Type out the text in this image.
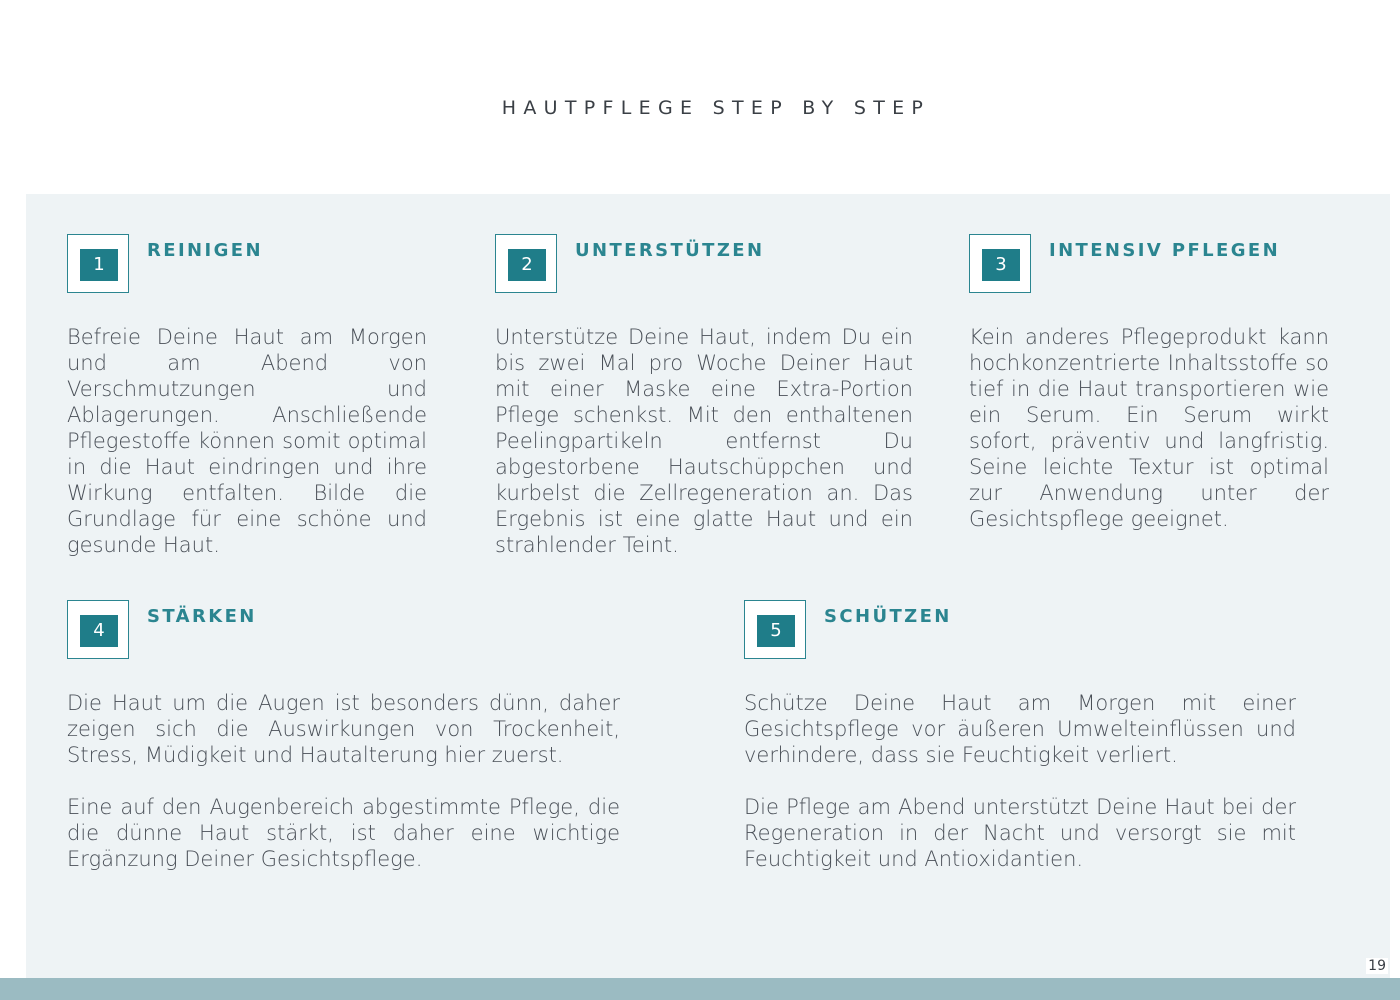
HAUTPFLEGE STEP BY STEP
1
REINIGEN

Befreie Deine Haut am Morgen und am Abend von Verschmutzungen und Ablagerungen. Anschließende Pflegestoffe können somit optimal in die Haut eindringen und ihre Wirkung entfalten. Bilde die Grundlage für eine schöne und gesunde Haut.

2
UNTERSTÜTZEN

Unterstütze Deine Haut, indem Du ein bis zwei Mal pro Woche Deiner Haut mit einer Maske eine Extra-Portion Pflege schenkst. Mit den enthaltenen Peelingpartikeln entfernst Du abgestorbene Hautschüppchen und kurbelst die Zellregeneration an. Das Ergebnis ist eine glatte Haut und ein strahlender Teint.

3
INTENSIV PFLEGEN

Kein anderes Pflegeprodukt kann hochkonzentrierte Inhaltsstoffe so tief in die Haut transportieren wie ein Serum. Ein Serum wirkt sofort, präventiv und langfristig. Seine leichte Textur ist optimal zur Anwendung unter der Gesichtspflege geeignet.

4
STÄRKEN

Die Haut um die Augen ist besonders dünn, daher zeigen sich die Auswirkungen von Trockenheit, Stress, Müdigkeit und Hautalterung hier zuerst.

Eine auf den Augenbereich abgestimmte Pflege, die die dünne Haut stärkt, ist daher eine wichtige Ergänzung Deiner Gesichtspflege.

5
SCHÜTZEN

Schütze Deine Haut am Morgen mit einer Gesichtspflege vor äußeren Umwelteinflüssen und verhindere, dass sie Feuchtigkeit verliert.

Die Pflege am Abend unterstützt Deine Haut bei der Regeneration in der Nacht und versorgt sie mit Feuchtigkeit und Antioxidantien.

19
